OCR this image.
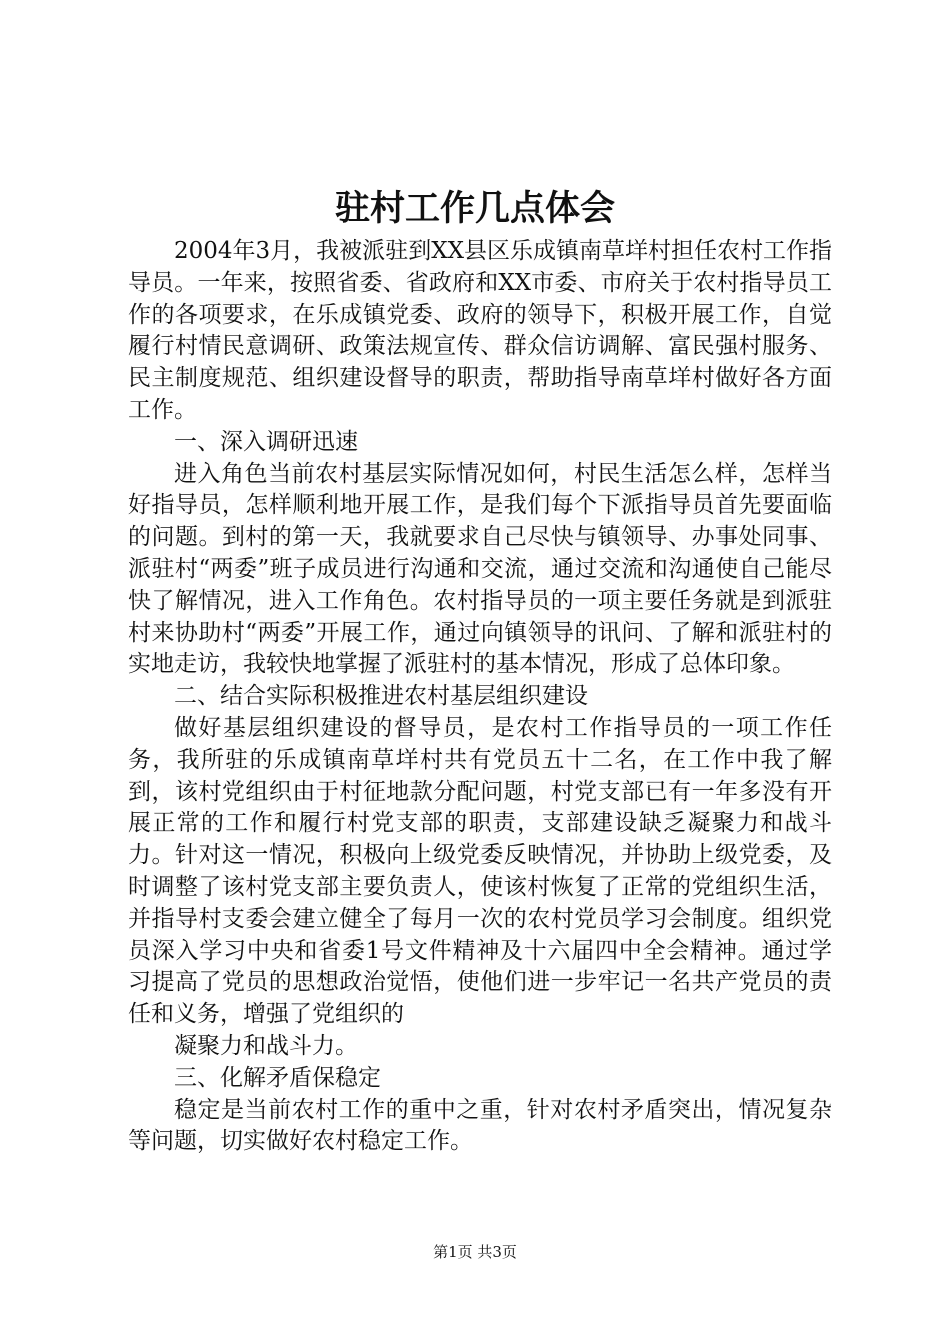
驻村工作几点体会

2004年3月，我被派驻到XX县区乐成镇南草垟村担任农村工作指导员。一年来，按照省委、省政府和XX市委、市府关于农村指导员工作的各项要求，在乐成镇党委、政府的领导下，积极开展工作，自觉履行村情民意调研、政策法规宣传、群众信访调解、富民强村服务、民主制度规范、组织建设督导的职责，帮助指导南草垟村做好各方面工作。

一、深入调研迅速

进入角色当前农村基层实际情况如何，村民生活怎么样，怎样当好指导员，怎样顺利地开展工作，是我们每个下派指导员首先要面临的问题。到村的第一天，我就要求自己尽快与镇领导、办事处同事、派驻村“两委”班子成员进行沟通和交流，通过交流和沟通使自己能尽快了解情况，进入工作角色。农村指导员的一项主要任务就是到派驻村来协助村“两委”开展工作，通过向镇领导的讯问、了解和派驻村的实地走访，我较快地掌握了派驻村的基本情况，形成了总体印象。

二、结合实际积极推进农村基层组织建设

做好基层组织建设的督导员，是农村工作指导员的一项工作任务，我所驻的乐成镇南草垟村共有党员五十二名，在工作中我了解到，该村党组织由于村征地款分配问题，村党支部已有一年多没有开展正常的工作和履行村党支部的职责，支部建设缺乏凝聚力和战斗力。针对这一情况，积极向上级党委反映情况，并协助上级党委，及时调整了该村党支部主要负责人，使该村恢复了正常的党组织生活，并指导村支委会建立健全了每月一次的农村党员学习会制度。组织党员深入学习中央和省委1号文件精神及十六届四中全会精神。通过学习提高了党员的思想政治觉悟，使他们进一步牢记一名共产党员的责任和义务，增强了党组织的

凝聚力和战斗力。

三、化解矛盾保稳定

稳定是当前农村工作的重中之重，针对农村矛盾突出，情况复杂等问题，切实做好农村稳定工作。

第1页 共3页
